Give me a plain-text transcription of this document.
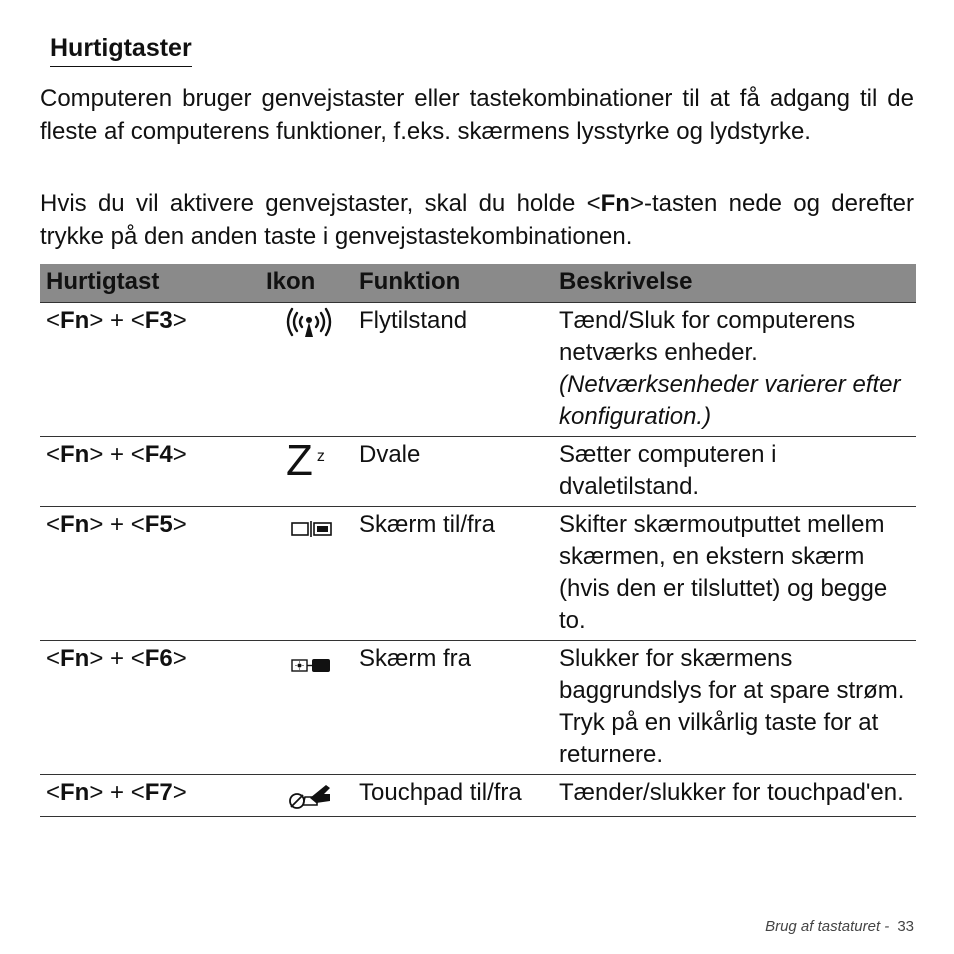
Hurtigtaster

Computeren bruger genvejstaster eller tastekombinationer til at få adgang til de fleste af computerens funktioner, f.eks. skærmens lysstyrke og lydstyrke.

Hvis du vil aktivere genvejstaster, skal du holde <Fn>-tasten nede og derefter trykke på den anden taste i genvejstastekombinationen.

Hurtigtast	Ikon	Funktion	Beskrivelse
<Fn> + <F3>		Flytilstand	Tænd/Sluk for computerens netværks enheder.
(Netværksenheder varierer efter konfiguration.)

<Fn> + <F4>	Z z	Dvale	Sætter computeren i dvaletilstand.

<Fn> + <F5>		Skærm til/fra	Skifter skærmoutputtet mellem skærmen, en ekstern skærm (hvis den er tilsluttet) og begge to.

<Fn> + <F6>		Skærm fra	Slukker for skærmens baggrundslys for at spare strøm. Tryk på en vilkårlig taste for at returnere.

<Fn> + <F7>		Touchpad til/fra	Tænder/slukker for touchpad'en.
Brug af tastaturet - 33
